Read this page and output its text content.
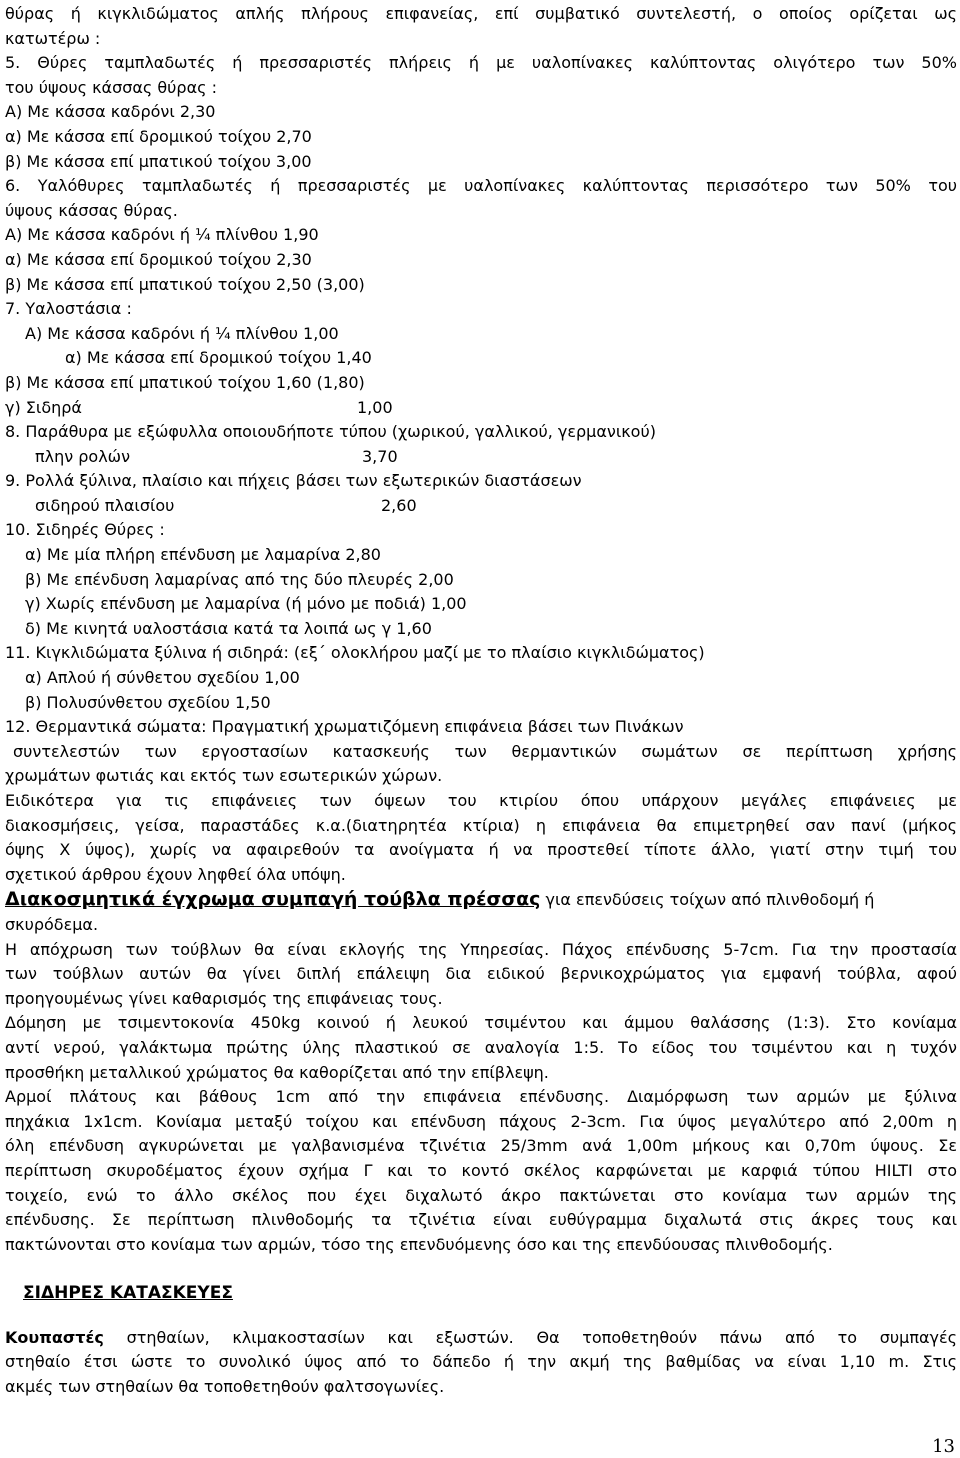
θύρας ή κιγκλιδώματος απλής πλήρους επιφανείας, επί συμβατικό συντελεστή, ο οποίος ορίζεται ως
κατωτέρω :
5. Θύρες ταμπλαδωτές ή πρεσσαριστές πλήρεις ή με υαλοπίνακες καλύπτοντας ολιγότερο των 50%
του ύψους κάσσας θύρας :
Α) Με κάσσα καδρόνι 2,30
α) Με κάσσα επί δρομικού τοίχου 2,70
β) Με κάσσα επί μπατικού τοίχου 3,00
6. Υαλόθυρες ταμπλαδωτές ή πρεσσαριστές με υαλοπίνακες καλύπτοντας περισσότερο των 50% του
ύψους κάσσας θύρας.
Α) Με κάσσα καδρόνι ή ¼ πλίνθου 1,90
α) Με κάσσα επί δρομικού τοίχου 2,30
β) Με κάσσα επί μπατικού τοίχου 2,50 (3,00)
7. Υαλοστάσια :
Α) Με κάσσα καδρόνι ή ¼ πλίνθου 1,00
α) Με κάσσα επί δρομικού τοίχου 1,40
β) Με κάσσα επί μπατικού τοίχου 1,60 (1,80)
γ) Σιδηρά	1,00
8. Παράθυρα με εξώφυλλα οποιουδήποτε τύπου (χωρικού, γαλλικού, γερμανικού)
πλην ρολών	3,70
9. Ρολλά ξύλινα, πλαίσιο και πήχεις βάσει των εξωτερικών διαστάσεων
σιδηρού πλαισίου	2,60
10. Σιδηρές Θύρες :
α) Με μία πλήρη επένδυση με λαμαρίνα 2,80
β) Με επένδυση λαμαρίνας από της δύο πλευρές 2,00
γ) Χωρίς επένδυση με λαμαρίνα (ή μόνο με ποδιά) 1,00
δ) Με κινητά υαλοστάσια κατά τα λοιπά ως γ 1,60
11. Κιγκλιδώματα ξύλινα ή σιδηρά: (εξ΄ ολοκλήρου μαζί με το πλαίσιο κιγκλιδώματος)
α) Απλού ή σύνθετου σχεδίου 1,00
β) Πολυσύνθετου σχεδίου 1,50
12. Θερμαντικά σώματα: Πραγματική χρωματιζόμενη επιφάνεια βάσει των Πινάκων
συντελεστών των εργοστασίων κατασκευής των θερμαντικών σωμάτων σε περίπτωση χρήσης
χρωμάτων φωτιάς και εκτός των εσωτερικών χώρων.
Ειδικότερα για τις επιφάνειες των όψεων του κτιρίου όπου υπάρχουν μεγάλες επιφάνειες με
διακοσμήσεις, γείσα, παραστάδες κ.α.(διατηρητέα κτίρια) η επιφάνεια θα επιμετρηθεί σαν πανί (μήκος
όψης Χ ύψος), χωρίς να αφαιρεθούν τα ανοίγματα ή να προστεθεί τίποτε άλλο, γιατί στην τιμή του
σχετικού άρθρου έχουν ληφθεί όλα υπόψη.
Διακοσμητικά έγχρωμα συμπαγή τούβλα πρέσσας για επενδύσεις τοίχων από πλινθοδομή ή
σκυρόδεμα.
Η απόχρωση των τούβλων θα είναι εκλογής της Υπηρεσίας. Πάχος επένδυσης 5-7cm. Για την προστασία
των τούβλων αυτών θα γίνει διπλή επάλειψη δια ειδικού βερνικοχρώματος για εμφανή τούβλα, αφού
προηγουμένως γίνει καθαρισμός της επιφάνειας τους.
Δόμηση με τσιμεντοκονία 450kg κοινού ή λευκού τσιμέντου και άμμου θαλάσσης (1:3). Στο κονίαμα
αντί νερού, γαλάκτωμα πρώτης ύλης πλαστικού σε αναλογία 1:5. Το είδος του τσιμέντου και η τυχόν
προσθήκη μεταλλικού χρώματος θα καθορίζεται από την επίβλεψη.
Αρμοί πλάτους και βάθους 1cm από την επιφάνεια επένδυσης. Διαμόρφωση των αρμών με ξύλινα
πηχάκια 1x1cm. Κονίαμα μεταξύ τοίχου και επένδυση πάχους 2-3cm. Για ύψος μεγαλύτερο από 2,00m η
όλη επένδυση αγκυρώνεται με γαλβανισμένα τζινέτια 25/3mm ανά 1,00m μήκους και 0,70m ύψους. Σε
περίπτωση σκυροδέματος έχουν σχήμα Γ και το κοντό σκέλος καρφώνεται με καρφιά τύπου HILTI στο
τοιχείο, ενώ το άλλο σκέλος που έχει διχαλωτό άκρο πακτώνεται στο κονίαμα των αρμών της
επένδυσης. Σε περίπτωση πλινθοδομής τα τζινέτια είναι ευθύγραμμα διχαλωτά στις άκρες τους και
πακτώνονται στο κονίαμα των αρμών, τόσο της επενδυόμενης όσο και της επενδύουσας πλινθοδομής.
ΣΙΔΗΡΕΣ ΚΑΤΑΣΚΕΥΕΣ
Κουπαστές στηθαίων, κλιμακοστασίων και εξωστών. Θα τοποθετηθούν πάνω από το συμπαγές
στηθαίο έτσι ώστε το συνολικό ύψος από το δάπεδο ή την ακμή της βαθμίδας να είναι 1,10 m. Στις
ακμές των στηθαίων θα τοποθετηθούν φαλτσογωνίες.
13
